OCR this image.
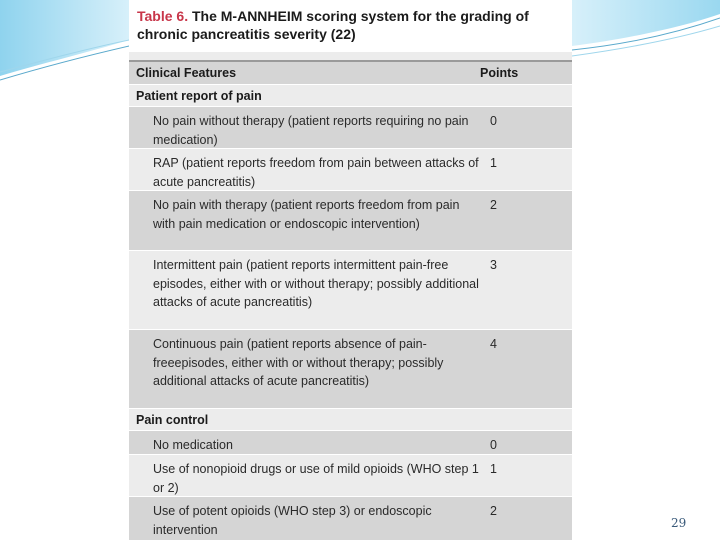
Table 6. The M-ANNHEIM scoring system for the grading of chronic pancreatitis severity (22)
Clinical Features	Points
Patient report of pain
No pain without therapy (patient reports requiring no pain medication)
0
RAP (patient reports freedom from pain between attacks of acute pancreatitis)
1
No pain with therapy (patient reports freedom from pain with pain medication or endoscopic intervention)
2
Intermittent pain (patient reports intermittent pain-free episodes, either with or without therapy; possibly additional attacks of acute pancreatitis)
3
Continuous pain (patient reports absence of pain-freeepisodes, either with or without therapy; possibly additional attacks of acute pancreatitis)
4
Pain control
No medication	0
Use of nonopioid drugs or use of mild opioids (WHO step 1 or 2)
1
Use of potent opioids (WHO step 3) or endoscopic intervention
2
29
